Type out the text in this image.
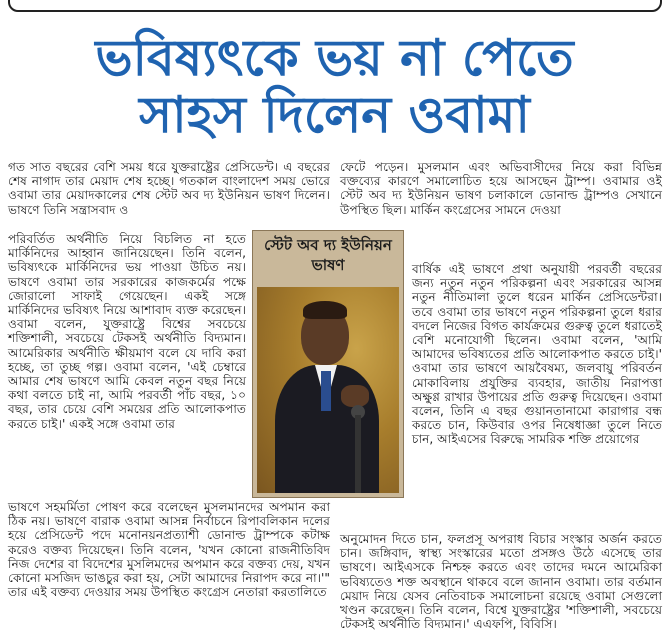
ভবিষ্যৎকে ভয় না পেতে
সাহস দিলেন ওবামা
গত সাত বছরের বেশি সময় ধরে যুক্তরাষ্ট্রের প্রেসিডেন্ট। এ বছরের শেষ নাগাদ তার মেয়াদ শেষ হচ্ছে। গতকাল বাংলাদেশ সময় ভোরে ওবামা তার মেয়াদকালের শেষ স্টেট অব দ্য ইউনিয়ন ভাষণ দিলেন। ভাষণে তিনি সন্ত্রাসবাদ ও
পরিবর্তিত অর্থনীতি নিয়ে বিচলিত না হতে মার্কিনিদের আহ্বান জানিয়েছেন। তিনি বলেন, ভবিষ্যৎকে মার্কিনিদের ভয় পাওয়া উচিত নয়। ভাষণে ওবামা তার সরকারের কাজকর্মের পক্ষে জোরালো সাফাই গেয়েছেন। একই সঙ্গে মার্কিনিদের ভবিষ্যৎ নিয়ে আশাবাদ ব্যক্ত করেছেন। ওবামা বলেন, যুক্তরাষ্ট্রে বিশ্বের সবচেয়ে শক্তিশালী, সবচেয়ে টেকসই অর্থনীতি বিদ্যমান। আমেরিকার অর্থনীতি ক্ষীয়মাণ বলে যে দাবি করা হচ্ছে, তা তুচ্ছ গল্প। ওবামা বলেন, 'এই চেম্বারে আমার শেষ ভাষণে আমি কেবল নতুন বছর নিয়ে কথা বলতে চাই না, আমি পরবর্তী পাঁচ বছর, ১০ বছর, তার চেয়ে বেশি সময়ের প্রতি আলোকপাত করতে চাই।' একই সঙ্গে ওবামা তার
ভাষণে সহমর্মিতা পোষণ করে বলেছেন মুসলমানদের অপমান করা ঠিক নয়। ভাষণে বারাক ওবামা আসন্ন নির্বাচনে রিপাবলিকান দলের হয়ে প্রেসিডেন্ট পদে মনোনয়নপ্রত্যাশী ডোনাল্ড ট্রাম্পকে কটাক্ষ করেও বক্তব্য দিয়েছেন। তিনি বলেন, 'যখন কোনো রাজনীতিবিদ নিজ দেশের বা বিদেশের মুসলিমদের অপমান করে বক্তব্য দেয়, যখন কোনো মসজিদ ভাঙচুর করা হয়, সেটা আমাদের নিরাপদ করে না।'" তার এই বক্তব্য দেওয়ার সময় উপস্থিত কংগ্রেস নেতারা করতালিতে
স্টেট অব দ্য ইউনিয়ন ভাষণ
ফেটে পড়েন। মুসলমান এবং অভিবাসীদের নিয়ে করা বিভিন্ন বক্তব্যের কারণে সমালোচিত হয়ে আসছেন ট্রাম্প। ওবামার ওই স্টেট অব দ্য ইউনিয়ন ভাষণ চলাকালে ডোনাল্ড ট্রাম্পও সেখানে উপস্থিত ছিল। মার্কিন কংগ্রেসের সামনে দেওয়া
বার্ষিক এই ভাষণে প্রথা অনুযায়ী পরবর্তী বছরের জন্য নতুন নতুন পরিকল্পনা এবং সরকারের আসন্ন নতুন নীতিমালা তুলে ধরেন মার্কিন প্রেসিডেন্টরা। তবে ওবামা তার ভাষণে নতুন পরিকল্পনা তুলে ধরার বদলে নিজের বিগত কার্যক্রমের গুরুত্ব তুলে ধরাতেই বেশি মনোযোগী ছিলেন। ওবামা বলেন, 'আমি আমাদের ভবিষ্যতের প্রতি আলোকপাত করতে চাই।' ওবামা তার ভাষণে আয়বৈষম্য, জলবায়ু পরিবর্তন মোকাবিলায় প্রযুক্তির ব্যবহার, জাতীয় নিরাপত্তা অক্ষুণ্ণ রাখার উপায়ের প্রতি গুরুত্ব দিয়েছেন। ওবামা বলেন, তিনি এ বছর গুয়ানতানামো কারাগার বন্ধ করতে চান, কিউবার ওপর নিষেধাজ্ঞা তুলে নিতে চান, আইএসের বিরুদ্ধে সামরিক শক্তি প্রয়োগের
অনুমোদন দিতে চান, ফলপ্রসূ অপরাধ বিচার সংস্কার অর্জন করতে চান। জঙ্গিবাদ, স্বাস্থ্য সংস্কারের মতো প্রসঙ্গও উঠে এসেছে তার ভাষণে। আইএসকে নিশ্চহ্ন করতে এবং তাদের দমনে আমেরিকা ভবিষ্যতেও শক্ত অবস্থানে থাকবে বলে জানান ওবামা। তার বর্তমান মেয়াদ নিয়ে যেসব নেতিবাচক সমালোচনা রয়েছে ওবামা সেগুলো খণ্ডন করেছেন। তিনি বলেন, বিশ্বে যুক্তরাষ্ট্রের 'শক্তিশালী, সবচেয়ে টেকসই অর্থনীতি বিদ্যমান।' এএফপি, বিবিসি।
